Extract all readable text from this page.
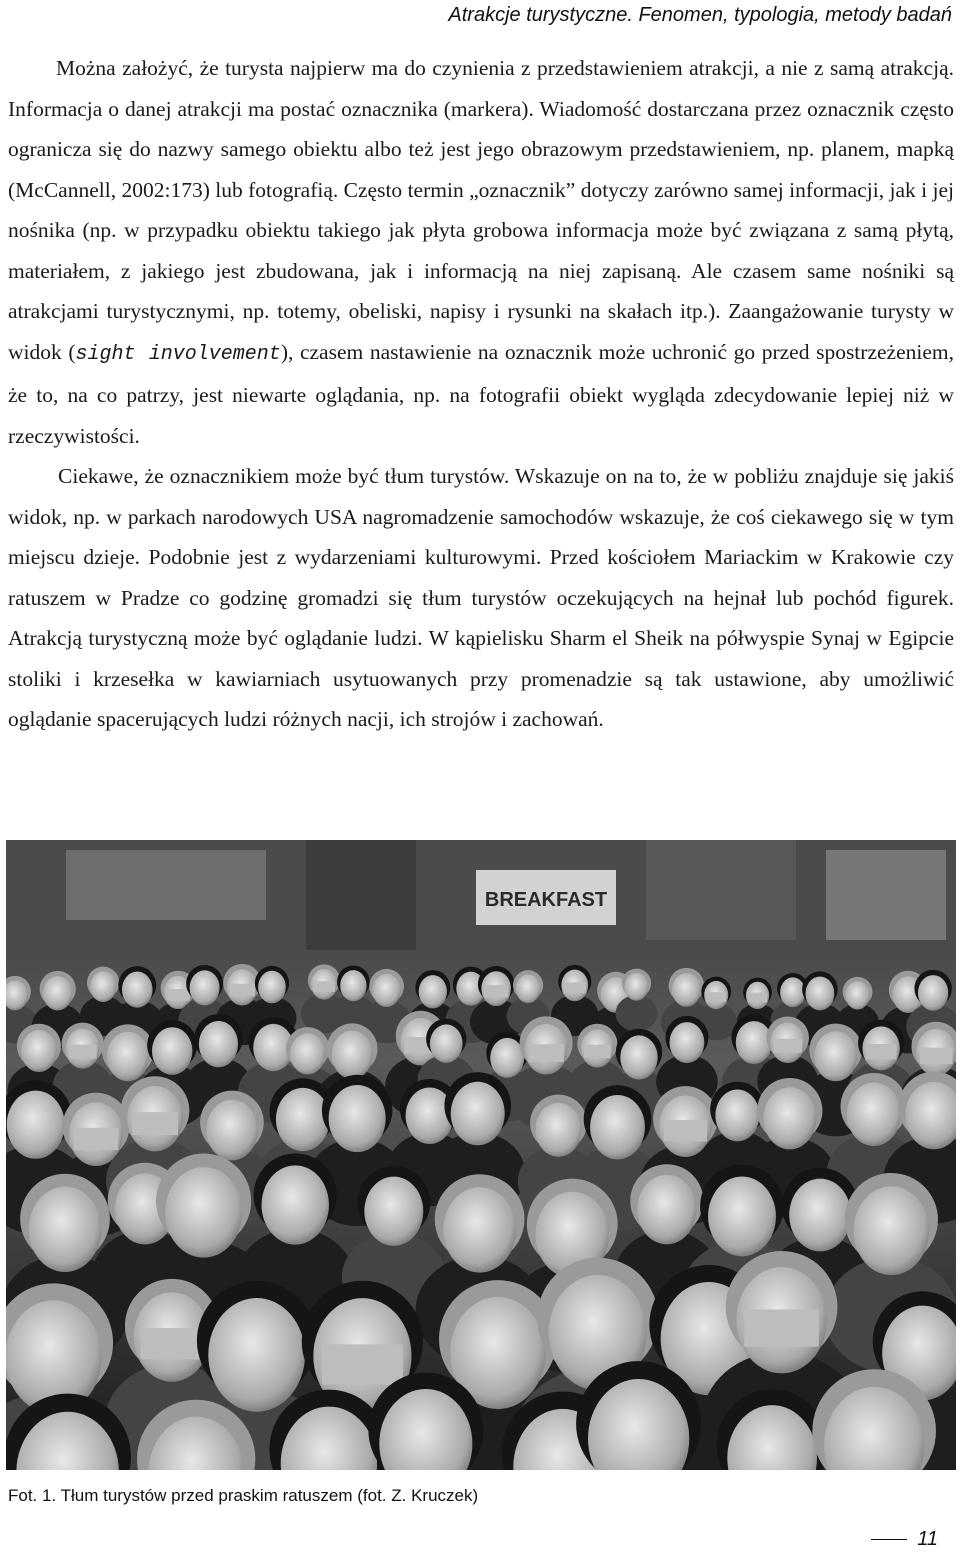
Atrakcje turystyczne. Fenomen, typologia, metody badań

Można założyć, że turysta najpierw ma do czynienia z przedstawieniem atrakcji, a nie z samą atrakcją. Informacja o danej atrakcji ma postać oznacznika (markera). Wiadomość dostarczana przez oznacznik często ogranicza się do nazwy samego obiektu albo też jest jego obrazowym przedstawieniem, np. planem, mapką (McCannell, 2002:173) lub fotografią. Często termin „oznacznik” dotyczy zarówno samej informacji, jak i jej nośnika (np. w przypadku obiektu takiego jak płyta grobowa informacja może być związana z samą płytą, materiałem, z jakiego jest zbudowana, jak i informacją na niej zapisaną. Ale czasem same nośniki są atrakcjami turystycznymi, np. totemy, obeliski, napisy i rysunki na skałach itp.). Zaangażowanie turysty w widok (sight involvement), czasem nastawienie na oznacznik może uchronić go przed spostrzeżeniem, że to, na co patrzy, jest niewarte oglądania, np. na fotografii obiekt wygląda zdecydowanie lepiej niż w rzeczywistości.

Ciekawe, że oznacznikiem może być tłum turystów. Wskazuje on na to, że w pobliżu znajduje się jakiś widok, np. w parkach narodowych USA nagromadzenie samochodów wskazuje, że coś ciekawego się w tym miejscu dzieje. Podobnie jest z wydarzeniami kulturowymi. Przed kościołem Mariackim w Krakowie czy ratuszem w Pradze co godzinę gromadzi się tłum turystów oczekujących na hejnał lub pochód figurek. Atrakcją turystyczną może być oglądanie ludzi. W kąpielisku Sharm el Sheik na półwyspie Synaj w Egipcie stoliki i krzesełka w kawiarniach usytuowanych przy promenadzie są tak ustawione, aby umożliwić oglądanie spacerujących ludzi różnych nacji, ich strojów i zachowań.

BREAKFAST
Fot. 1. Tłum turystów przed praskim ratuszem (fot. Z. Kruczek)
11
